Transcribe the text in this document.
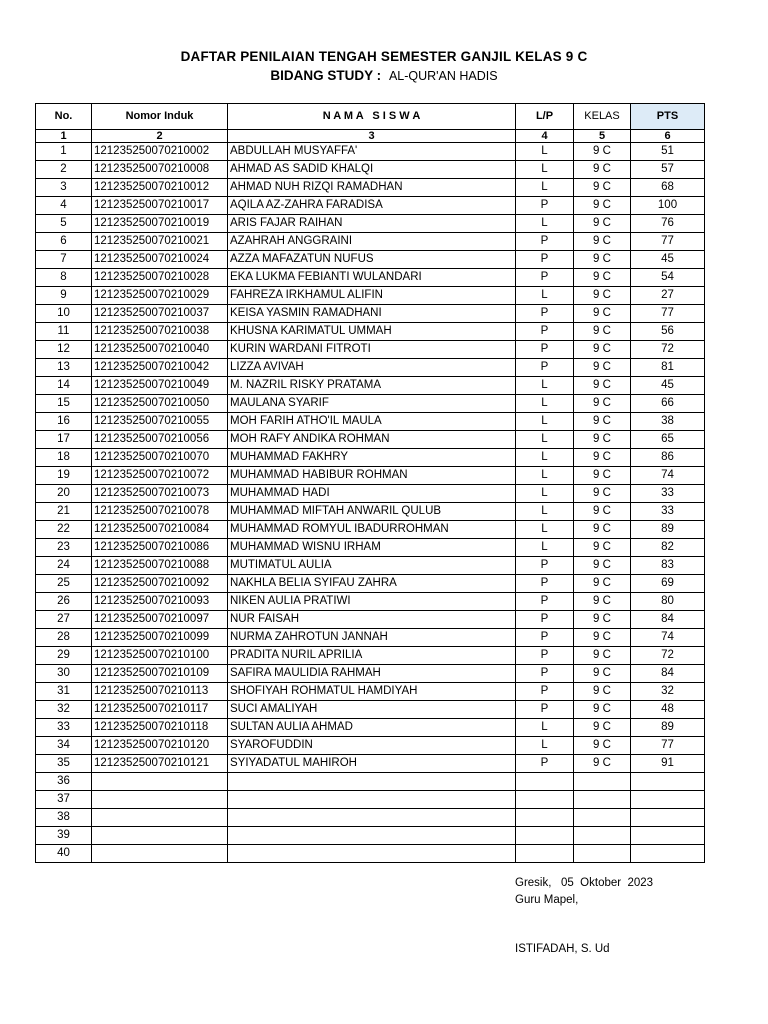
DAFTAR PENILAIAN TENGAH SEMESTER GANJIL KELAS 9 C
BIDANG STUDY : AL-QUR'AN HADIS
No.	Nomor Induk	N A M A   S I S W A	L/P	KELAS	PTS
1	2	3	4	5	6
1	121235250070210002	ABDULLAH MUSYAFFA'	L	9 C	51
2	121235250070210008	AHMAD AS SADID KHALQI	L	9 C	57
3	121235250070210012	AHMAD NUH RIZQI RAMADHAN	L	9 C	68
4	121235250070210017	AQILA AZ-ZAHRA FARADISA	P	9 C	100
5	121235250070210019	ARIS FAJAR RAIHAN	L	9 C	76
6	121235250070210021	AZAHRAH ANGGRAINI	P	9 C	77
7	121235250070210024	AZZA MAFAZATUN NUFUS	P	9 C	45
8	121235250070210028	EKA LUKMA FEBIANTI WULANDARI	P	9 C	54
9	121235250070210029	FAHREZA IRKHAMUL ALIFIN	L	9 C	27
10	121235250070210037	KEISA YASMIN RAMADHANI	P	9 C	77
11	121235250070210038	KHUSNA KARIMATUL UMMAH	P	9 C	56
12	121235250070210040	KURIN WARDANI FITROTI	P	9 C	72
13	121235250070210042	LIZZA AVIVAH	P	9 C	81
14	121235250070210049	M. NAZRIL RISKY PRATAMA	L	9 C	45
15	121235250070210050	MAULANA SYARIF	L	9 C	66
16	121235250070210055	MOH FARIH ATHO'IL MAULA	L	9 C	38
17	121235250070210056	MOH RAFY ANDIKA ROHMAN	L	9 C	65
18	121235250070210070	MUHAMMAD FAKHRY	L	9 C	86
19	121235250070210072	MUHAMMAD HABIBUR ROHMAN	L	9 C	74
20	121235250070210073	MUHAMMAD HADI	L	9 C	33
21	121235250070210078	MUHAMMAD MIFTAH ANWARIL QULUB	L	9 C	33
22	121235250070210084	MUHAMMAD ROMYUL IBADURROHMAN	L	9 C	89
23	121235250070210086	MUHAMMAD WISNU IRHAM	L	9 C	82
24	121235250070210088	MUTIMATUL AULIA	P	9 C	83
25	121235250070210092	NAKHLA BELIA SYIFAU ZAHRA	P	9 C	69
26	121235250070210093	NIKEN AULIA PRATIWI	P	9 C	80
27	121235250070210097	NUR FAISAH	P	9 C	84
28	121235250070210099	NURMA ZAHROTUN JANNAH	P	9 C	74
29	121235250070210100	PRADITA NURIL APRILIA	P	9 C	72
30	121235250070210109	SAFIRA MAULIDIA RAHMAH	P	9 C	84
31	121235250070210113	SHOFIYAH ROHMATUL HAMDIYAH	P	9 C	32
32	121235250070210117	SUCI AMALIYAH	P	9 C	48
33	121235250070210118	SULTAN AULIA AHMAD	L	9 C	89
34	121235250070210120	SYAROFUDDIN	L	9 C	77
35	121235250070210121	SYIYADATUL MAHIROH	P	9 C	91
36					
37					
38					
39					
40					
Gresik,   05  Oktober  2023
Guru Mapel,
ISTIFADAH, S. Ud
